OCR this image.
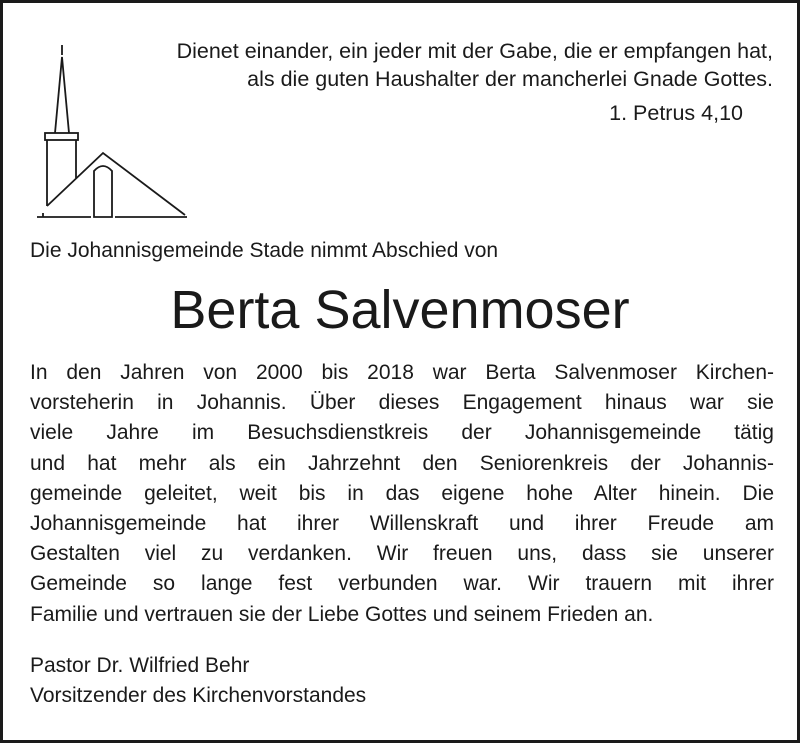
Dienet einander, ein jeder mit der Gabe, die er empfangen hat,
als die guten Haushalter der mancherlei Gnade Gottes.
1. Petrus 4,10
Die Johannisgemeinde Stade nimmt Abschied von
Berta Salvenmoser

In den Jahren von 2000 bis 2018 war Berta Salvenmoser Kirchen-
vorsteherin in Johannis. Über dieses Engagement hinaus war sie
viele Jahre im Besuchsdienstkreis der Johannisgemeinde tätig
und hat mehr als ein Jahrzehnt den Seniorenkreis der Johannis-
gemeinde geleitet, weit bis in das eigene hohe Alter hinein. Die
Johannisgemeinde hat ihrer Willenskraft und ihrer Freude am
Gestalten viel zu verdanken. Wir freuen uns, dass sie unserer
Gemeinde so lange fest verbunden war. Wir trauern mit ihrer
Familie und vertrauen sie der Liebe Gottes und seinem Frieden an.

Pastor Dr. Wilfried Behr
Vorsitzender des Kirchenvorstandes
